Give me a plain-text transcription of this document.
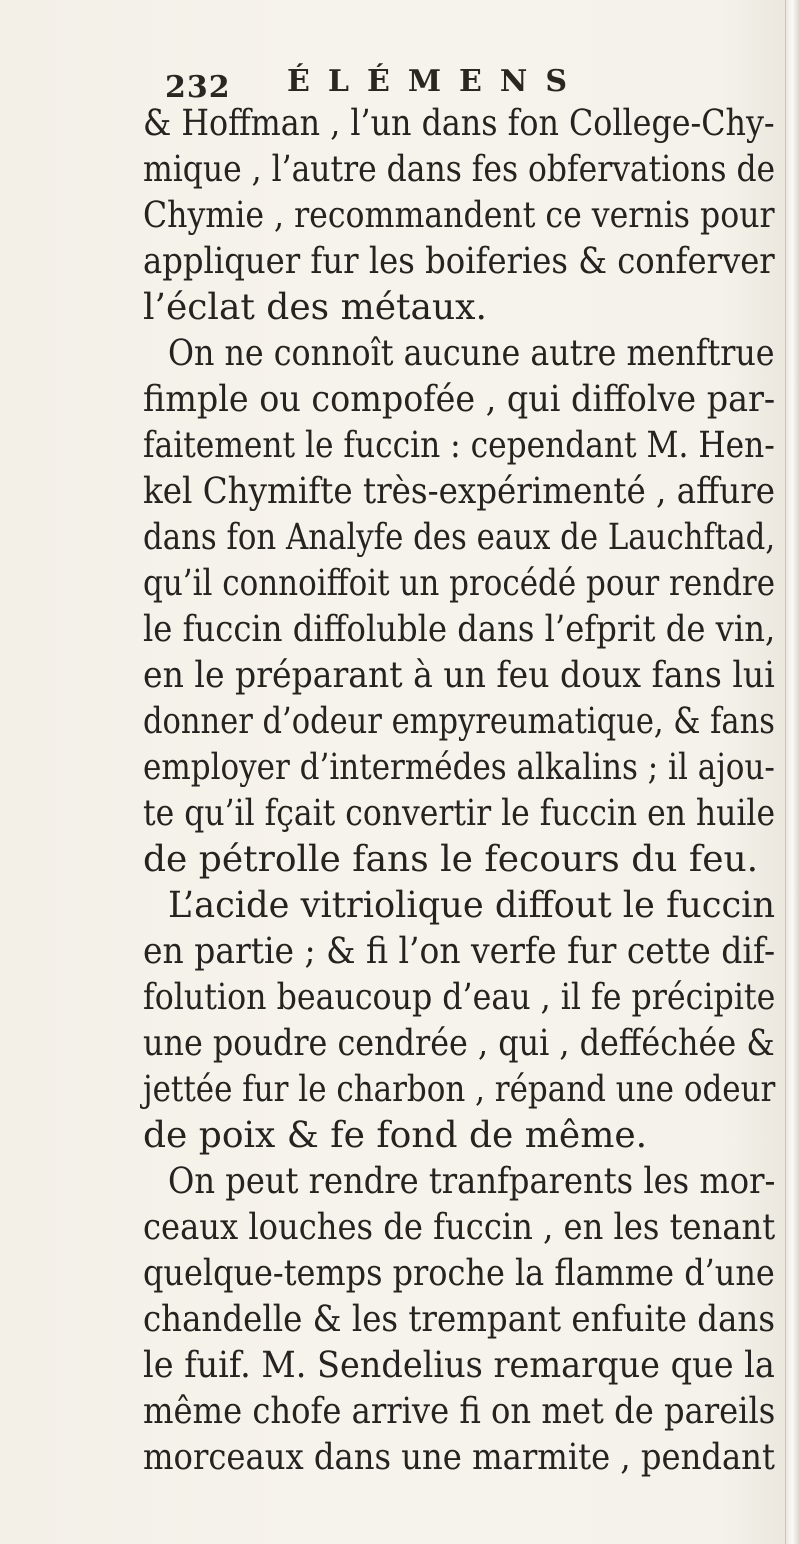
232 ÉLÉMENS
& Hoffman , l’un dans fon College-Chy-
mique , l’autre dans fes obfervations de
Chymie , recommandent ce vernis pour
appliquer fur les boiferies & conferver
l’éclat des métaux.
On ne connoît aucune autre menftrue
fimple ou compofée , qui diffolve par-
faitement le fuccin : cependant M. Hen-
kel Chymifte très-expérimenté , affure
dans fon Analyfe des eaux de Lauchftad,
qu’il connoiffoit un procédé pour rendre
le fuccin diffoluble dans l’efprit de vin,
en le préparant à un feu doux fans lui
donner d’odeur empyreumatique, & fans
employer d’intermédes alkalins ; il ajou-
te qu’il fçait convertir le fuccin en huile
de pétrolle fans le fecours du feu.
L’acide vitriolique diffout le fuccin
en partie ; & fi l’on verfe fur cette dif-
folution beaucoup d’eau , il fe précipite
une poudre cendrée , qui , defféchée &
jettée fur le charbon , répand une odeur
de poix & fe fond de même.
On peut rendre tranfparents les mor-
ceaux louches de fuccin , en les tenant
quelque-temps proche la flamme d’une
chandelle & les trempant enfuite dans
le fuif. M. Sendelius remarque que la
même chofe arrive fi on met de pareils
morceaux dans une marmite , pendant
